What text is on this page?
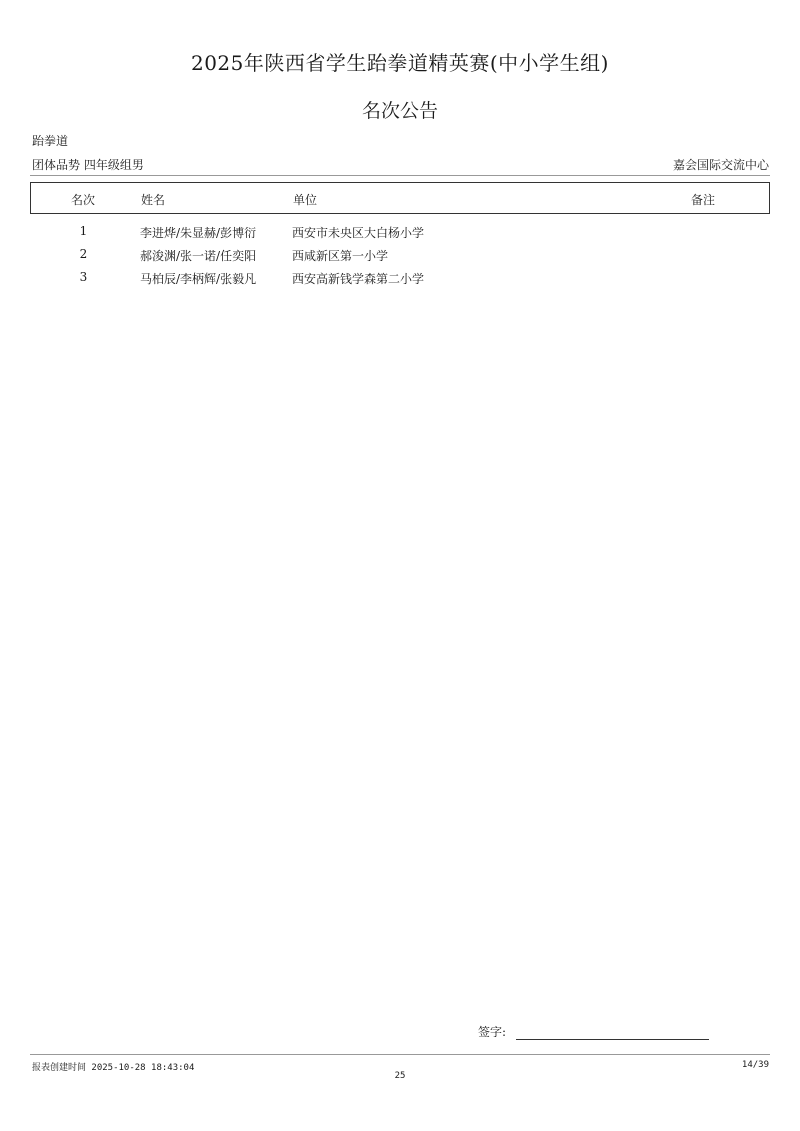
2025年陕西省学生跆拳道精英赛(中小学生组)
名次公告
跆拳道
团体品势 四年级组男	嘉会国际交流中心
名次	姓名	单位	备注
1	李进烨/朱显赫/彭博衍	西安市未央区大白杨小学
2	郝浚渊/张一诺/任奕阳	西咸新区第一小学
3	马柏辰/李柄辉/张毅凡	西安高新钱学森第二小学
签字:
报表创建时间 2025-10-28 18:43:04	14/39
25
